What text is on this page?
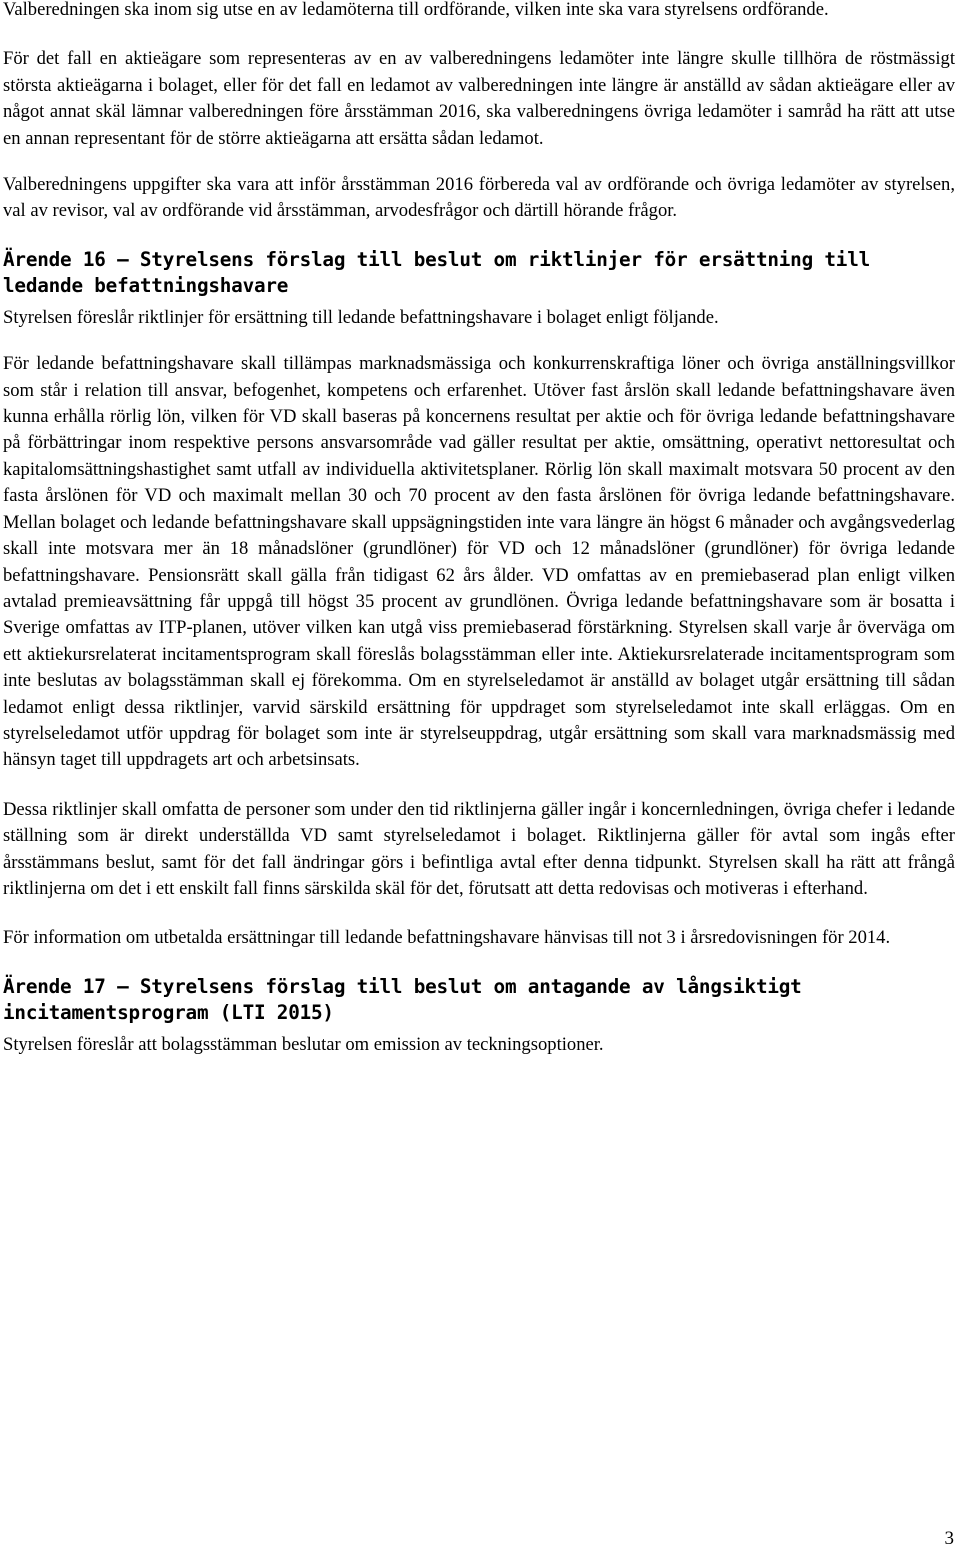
Valberedningen ska inom sig utse en av ledamöterna till ordförande, vilken inte ska vara styrelsens ordförande.

För det fall en aktieägare som representeras av en av valberedningens ledamöter inte längre skulle tillhöra de röstmässigt största aktieägarna i bolaget, eller för det fall en ledamot av valberedningen inte längre är anställd av sådan aktieägare eller av något annat skäl lämnar valberedningen före årsstämman 2016, ska valberedningens övriga ledamöter i samråd ha rätt att utse en annan representant för de större aktieägarna att ersätta sådan ledamot.

Valberedningens uppgifter ska vara att inför årsstämman 2016 förbereda val av ordförande och övriga ledamöter av styrelsen, val av revisor, val av ordförande vid årsstämman, arvodesfrågor och därtill hörande frågor.

Ärende 16 – Styrelsens förslag till beslut om riktlinjer för ersättning till ledande befattningshavare

Styrelsen föreslår riktlinjer för ersättning till ledande befattningshavare i bolaget enligt följande.

För ledande befattningshavare skall tillämpas marknadsmässiga och konkurrenskraftiga löner och övriga anställningsvillkor som står i relation till ansvar, befogenhet, kompetens och erfarenhet. Utöver fast årslön skall ledande befattningshavare även kunna erhålla rörlig lön, vilken för VD skall baseras på koncernens resultat per aktie och för övriga ledande befattningshavare på förbättringar inom respektive persons ansvarsområde vad gäller resultat per aktie, omsättning, operativt nettoresultat och kapitalomsättningshastighet samt utfall av individuella aktivitetsplaner. Rörlig lön skall maximalt motsvara 50 procent av den fasta årslönen för VD och maximalt mellan 30 och 70 procent av den fasta årslönen för övriga ledande befattningshavare. Mellan bolaget och ledande befattningshavare skall uppsägningstiden inte vara längre än högst 6 månader och avgångsvederlag skall inte motsvara mer än 18 månadslöner (grundlöner) för VD och 12 månadslöner (grundlöner) för övriga ledande befattningshavare. Pensionsrätt skall gälla från tidigast 62 års ålder. VD omfattas av en premiebaserad plan enligt vilken avtalad premieavsättning får uppgå till högst 35 procent av grundlönen. Övriga ledande befattningshavare som är bosatta i Sverige omfattas av ITP-planen, utöver vilken kan utgå viss premiebaserad förstärkning. Styrelsen skall varje år överväga om ett aktiekursrelaterat incitamentsprogram skall föreslås bolagsstämman eller inte. Aktiekursrelaterade incitamentsprogram som inte beslutas av bolagsstämman skall ej förekomma. Om en styrelseledamot är anställd av bolaget utgår ersättning till sådan ledamot enligt dessa riktlinjer, varvid särskild ersättning för uppdraget som styrelseledamot inte skall erläggas. Om en styrelseledamot utför uppdrag för bolaget som inte är styrelseuppdrag, utgår ersättning som skall vara marknadsmässig med hänsyn taget till uppdragets art och arbetsinsats.

Dessa riktlinjer skall omfatta de personer som under den tid riktlinjerna gäller ingår i koncernledningen, övriga chefer i ledande ställning som är direkt underställda VD samt styrelseledamot i bolaget. Riktlinjerna gäller för avtal som ingås efter årsstämmans beslut, samt för det fall ändringar görs i befintliga avtal efter denna tidpunkt. Styrelsen skall ha rätt att frångå riktlinjerna om det i ett enskilt fall finns särskilda skäl för det, förutsatt att detta redovisas och motiveras i efterhand.

För information om utbetalda ersättningar till ledande befattningshavare hänvisas till not 3 i årsredovisningen för 2014.

Ärende 17 – Styrelsens förslag till beslut om antagande av långsiktigt incitamentsprogram (LTI 2015)

Styrelsen föreslår att bolagsstämman beslutar om emission av teckningsoptioner.

3
